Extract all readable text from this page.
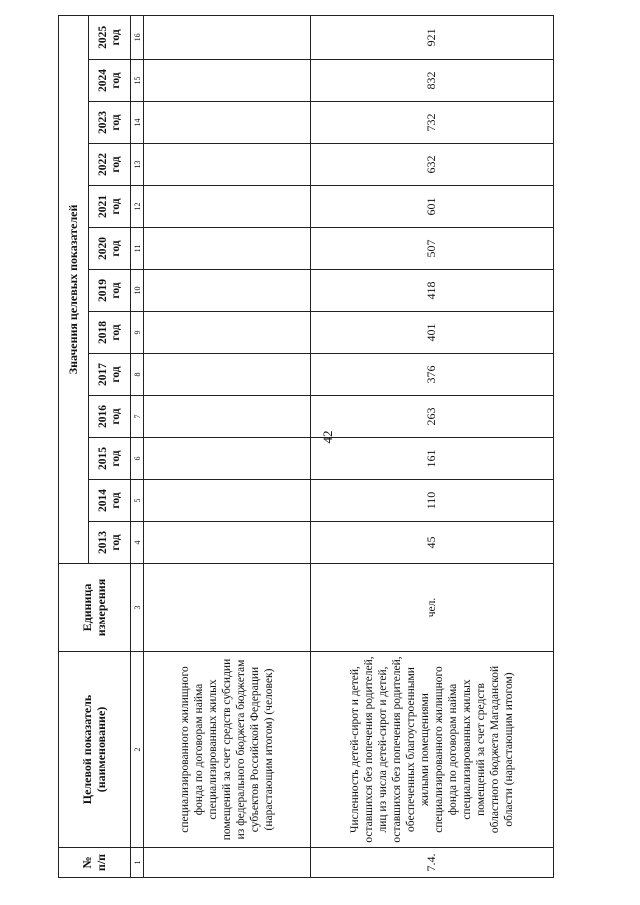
42
№ п/п	Целевой показатель (наименование)	Единица измерения	Значения целевых показателей												
			2013 год	2014 год	2015 год	2016 год	2017 год	2018 год	2019 год	2020 год	2021 год	2022 год	2023 год	2024 год	2025 год
1	2	3	4	5	6	7	8	9	10	11	12	13	14	15	16
	специализированного жилищного фонда по договорам найма специализированных жилых помещений за счет средств субсидии из федерального бюджета бюджетам субъектов Российской Федерации (нарастающим итогом) (человек)														
7.4.	Численность детей-сирот и детей, оставшихся без попечения родителей, лиц из числа детей-сирот и детей, оставшихся без попечения родителей, обеспеченных благоустроенными жилыми помещениями специализированного жилищного фонда по договорам найма специализированных жилых помещений за счет средств областного бюджета Магаданской области (нарастающим итогом)	чел.	45	110	161	263	376	401	418	507	601	632	732	832	921
